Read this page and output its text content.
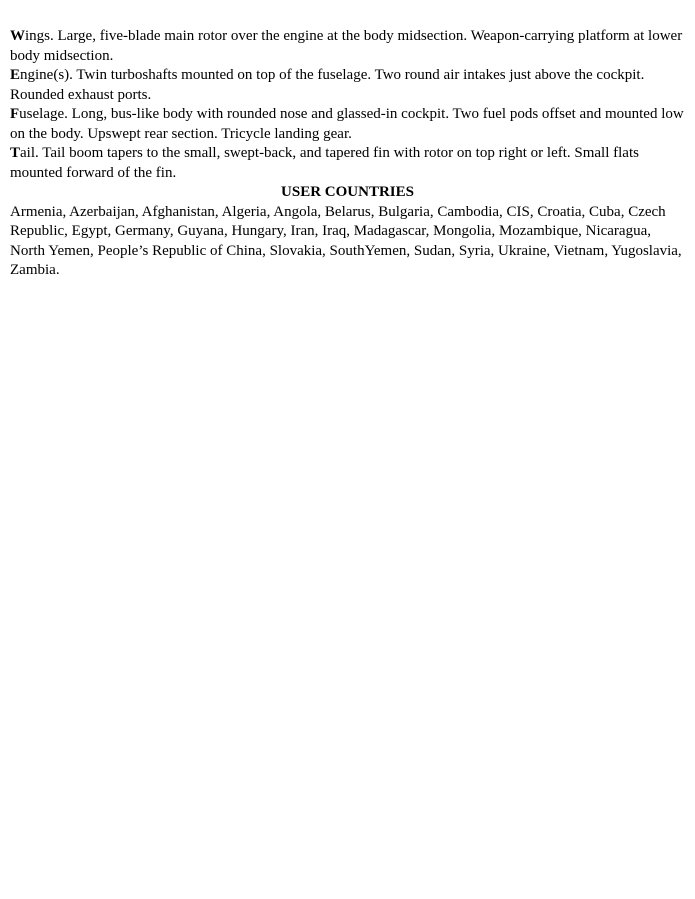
Wings. Large, five-blade main rotor over the engine at the body midsection. Weapon-carrying platform at lower body midsection.

Engine(s). Twin turboshafts mounted on top of the fuselage. Two round air intakes just above the cockpit. Rounded exhaust ports.

Fuselage. Long, bus-like body with rounded nose and glassed-in cockpit. Two fuel pods offset and mounted low on the body. Upswept rear section. Tricycle landing gear.

Tail. Tail boom tapers to the small, swept-back, and tapered fin with rotor on top right or left. Small flats mounted forward of the fin.

USER COUNTRIES

Armenia, Azerbaijan, Afghanistan, Algeria, Angola, Belarus, Bulgaria, Cambodia, CIS, Croatia, Cuba, Czech Republic, Egypt, Germany, Guyana, Hungary, Iran, Iraq, Madagascar, Mongolia, Mozambique, Nicaragua, North Yemen, People’s Republic of China, Slovakia, SouthYemen, Sudan, Syria, Ukraine, Vietnam, Yugoslavia, Zambia.
